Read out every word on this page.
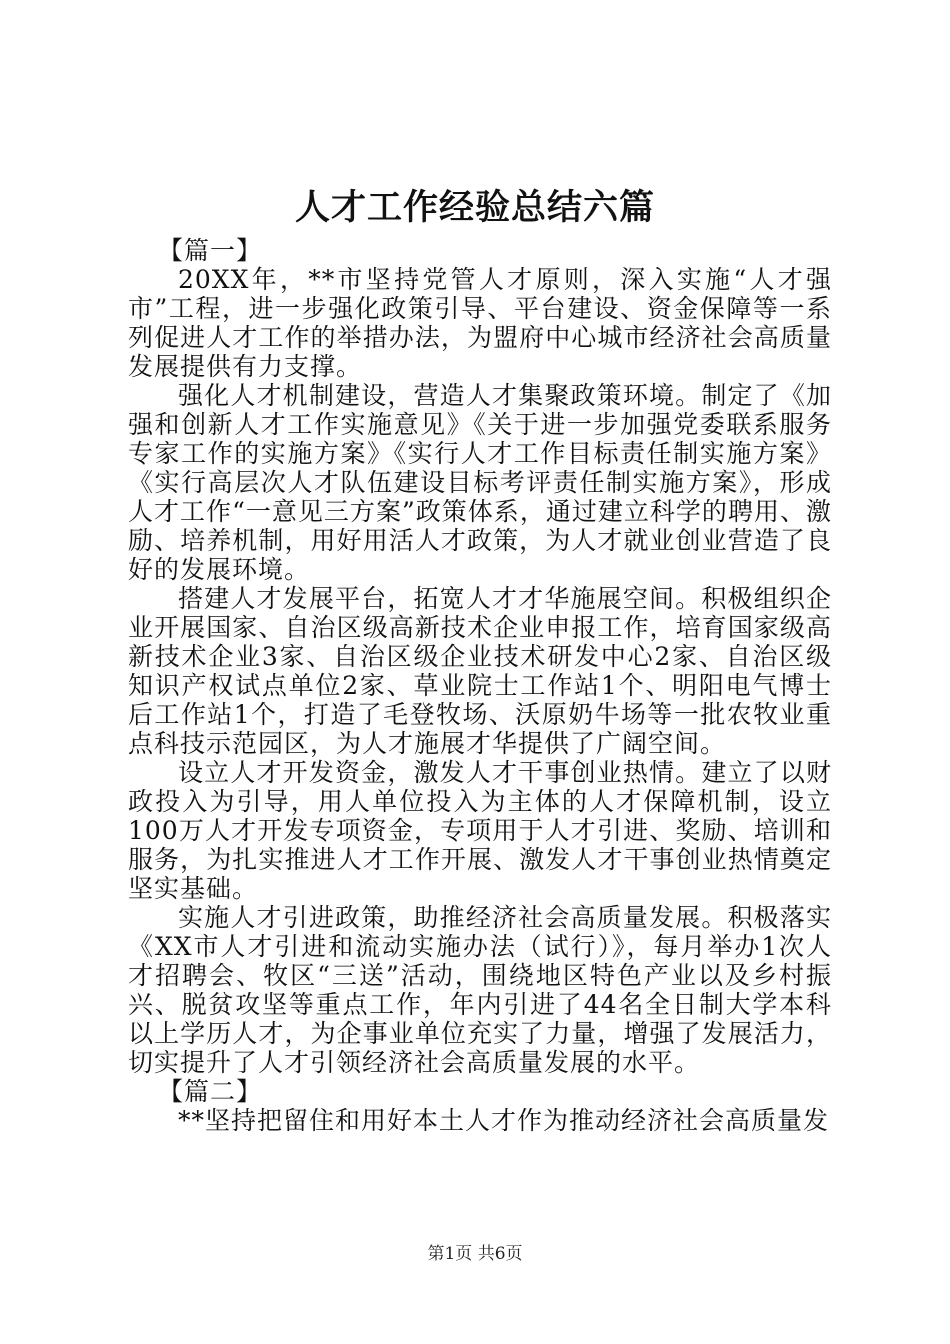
人才工作经验总结六篇

【篇一】

20XX年，**市坚持党管人才原则，深入实施“人才强市”工程，进一步强化政策引导、平台建设、资金保障等一系列促进人才工作的举措办法，为盟府中心城市经济社会高质量发展提供有力支撑。

强化人才机制建设，营造人才集聚政策环境。制定了《加强和创新人才工作实施意见》《关于进一步加强党委联系服务专家工作的实施方案》《实行人才工作目标责任制实施方案》《实行高层次人才队伍建设目标考评责任制实施方案》，形成人才工作“一意见三方案”政策体系，通过建立科学的聘用、激励、培养机制，用好用活人才政策，为人才就业创业营造了良好的发展环境。

搭建人才发展平台，拓宽人才才华施展空间。积极组织企业开展国家、自治区级高新技术企业申报工作，培育国家级高新技术企业3家、自治区级企业技术研发中心2家、自治区级知识产权试点单位2家、草业院士工作站1个、明阳电气博士后工作站1个，打造了毛登牧场、沃原奶牛场等一批农牧业重点科技示范园区，为人才施展才华提供了广阔空间。

设立人才开发资金，激发人才干事创业热情。建立了以财政投入为引导，用人单位投入为主体的人才保障机制，设立100万人才开发专项资金，专项用于人才引进、奖励、培训和服务，为扎实推进人才工作开展、激发人才干事创业热情奠定坚实基础。

实施人才引进政策，助推经济社会高质量发展。积极落实《XX市人才引进和流动实施办法（试行）》，每月举办1次人才招聘会、牧区“三送”活动，围绕地区特色产业以及乡村振兴、脱贫攻坚等重点工作，年内引进了44名全日制大学本科以上学历人才，为企事业单位充实了力量，增强了发展活力，切实提升了人才引领经济社会高质量发展的水平。

【篇二】

**坚持把留住和用好本土人才作为推动经济社会高质量发

第1页 共6页
